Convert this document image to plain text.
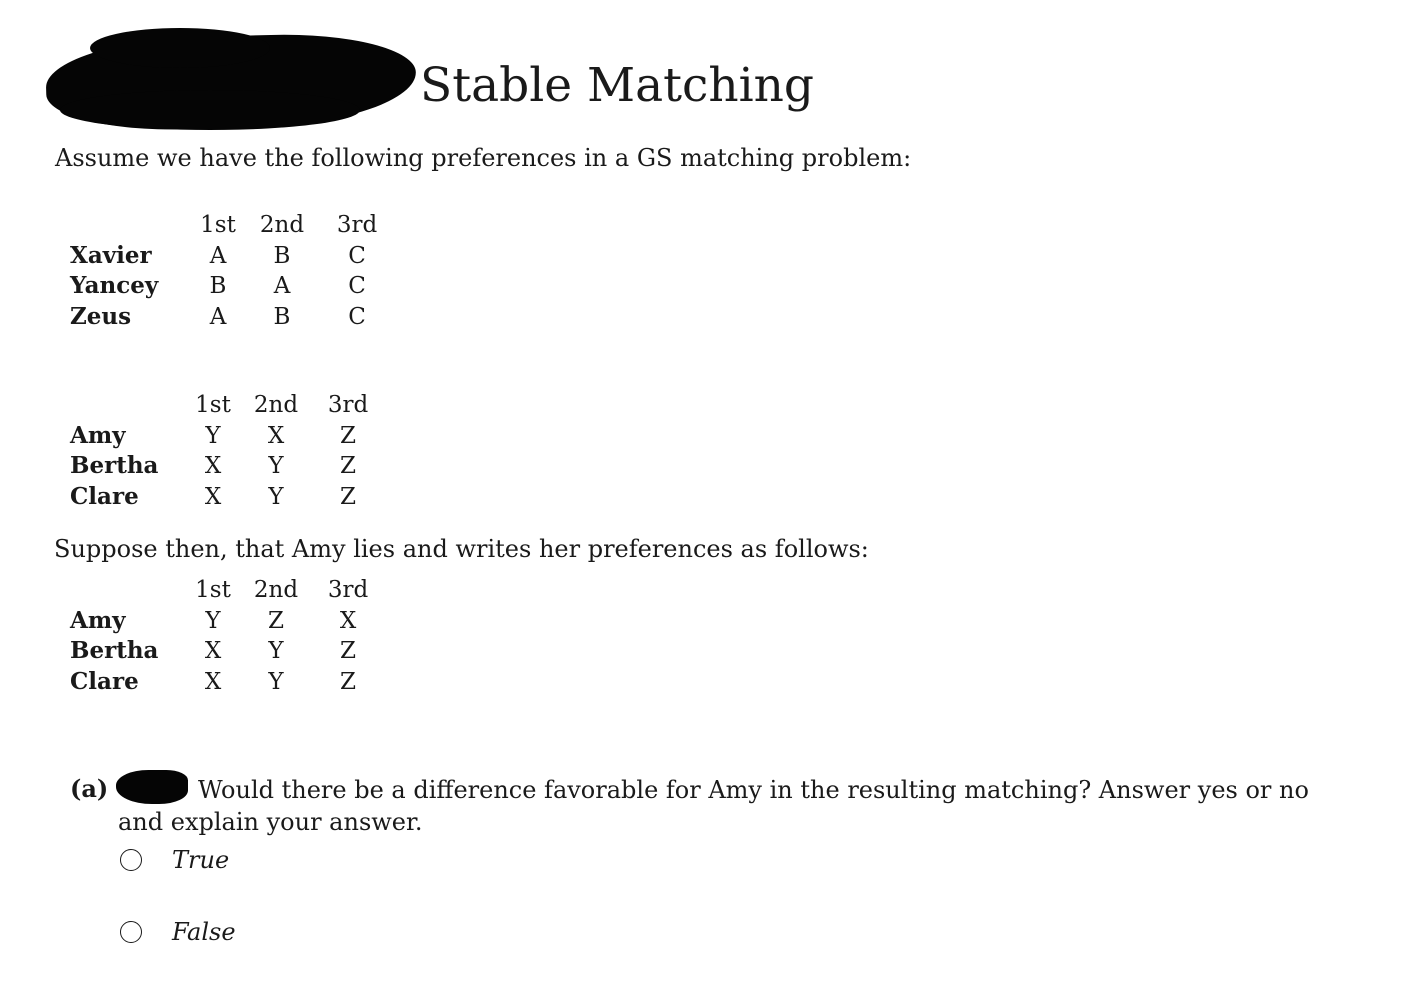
Stable Matching
Assume we have the following preferences in a GS matching problem:
	1st	2nd	3rd
Xavier	A	B	C
Yancey	B	A	C
Zeus	A	B	C
	1st	2nd	3rd
Amy	Y	X	Z
Bertha	X	Y	Z
Clare	X	Y	Z
Suppose then, that Amy lies and writes her preferences as follows:
	1st	2nd	3rd
Amy	Y	Z	X
Bertha	X	Y	Z
Clare	X	Y	Z
(a)	Would there be a difference favorable for Amy in the resulting matching? Answer yes or no and explain your answer.
True
False
